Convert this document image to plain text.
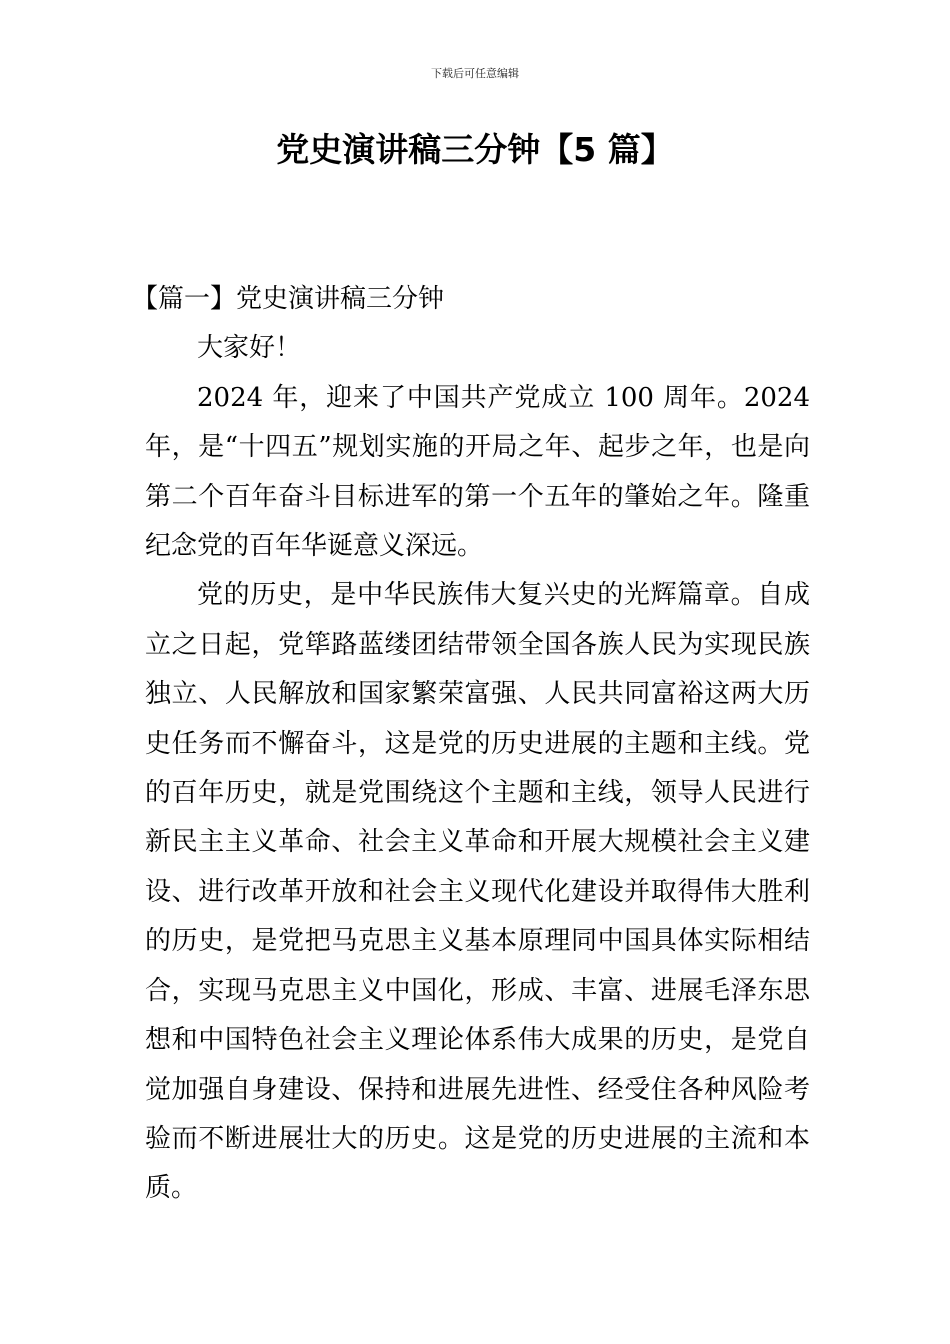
下载后可任意编辑
党史演讲稿三分钟【5 篇】
【篇一】党史演讲稿三分钟

大家好！

2024 年，迎来了中国共产党成立 100 周年。2024 年，是“十四五”规划实施的开局之年、起步之年，也是向第二个百年奋斗目标进军的第一个五年的肇始之年。隆重纪念党的百年华诞意义深远。

党的历史，是中华民族伟大复兴史的光辉篇章。自成立之日起，党筚路蓝缕团结带领全国各族人民为实现民族独立、人民解放和国家繁荣富强、人民共同富裕这两大历史任务而不懈奋斗，这是党的历史进展的主题和主线。党的百年历史，就是党围绕这个主题和主线，领导人民进行新民主主义革命、社会主义革命和开展大规模社会主义建设、进行改革开放和社会主义现代化建设并取得伟大胜利的历史，是党把马克思主义基本原理同中国具体实际相结合，实现马克思主义中国化，形成、丰富、进展毛泽东思想和中国特色社会主义理论体系伟大成果的历史，是党自觉加强自身建设、保持和进展先进性、经受住各种风险考验而不断进展壮大的历史。这是党的历史进展的主流和本质。
